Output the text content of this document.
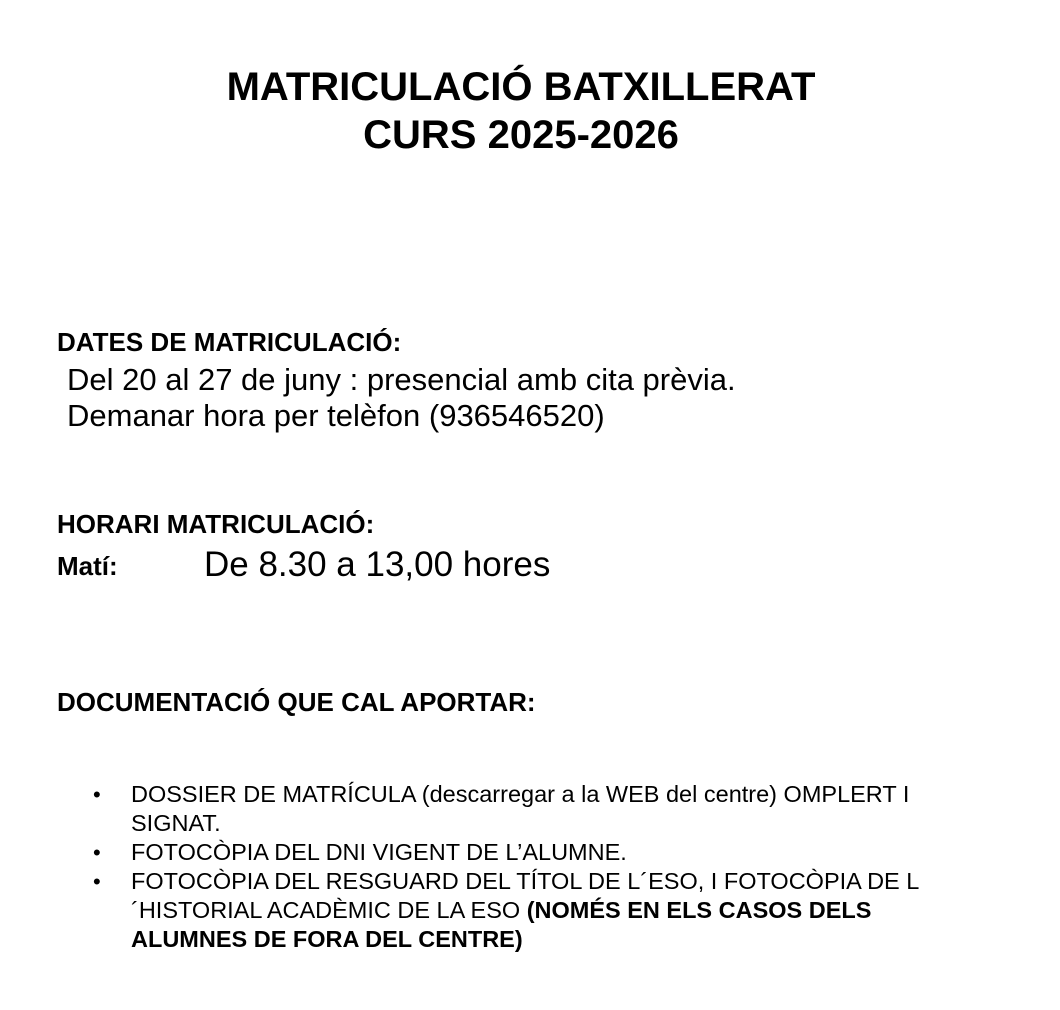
MATRICULACIÓ BATXILLERAT
CURS 2025-2026
DATES DE MATRICULACIÓ:
Del 20 al 27 de juny : presencial amb cita prèvia.
Demanar hora per telèfon (936546520)
HORARI MATRICULACIÓ:
Matí: De 8.30 a 13,00 hores
DOCUMENTACIÓ QUE CAL APORTAR:
•	DOSSIER DE MATRÍCULA (descarregar a la WEB del centre) OMPLERT I SIGNAT.
•	FOTOCÒPIA DEL DNI VIGENT DE L’ALUMNE.
•	FOTOCÒPIA DEL RESGUARD DEL TÍTOL DE L´ESO, I FOTOCÒPIA DE L´HISTORIAL ACADÈMIC DE LA ESO (NOMÉS EN ELS CASOS DELS ALUMNES DE FORA DEL CENTRE)
